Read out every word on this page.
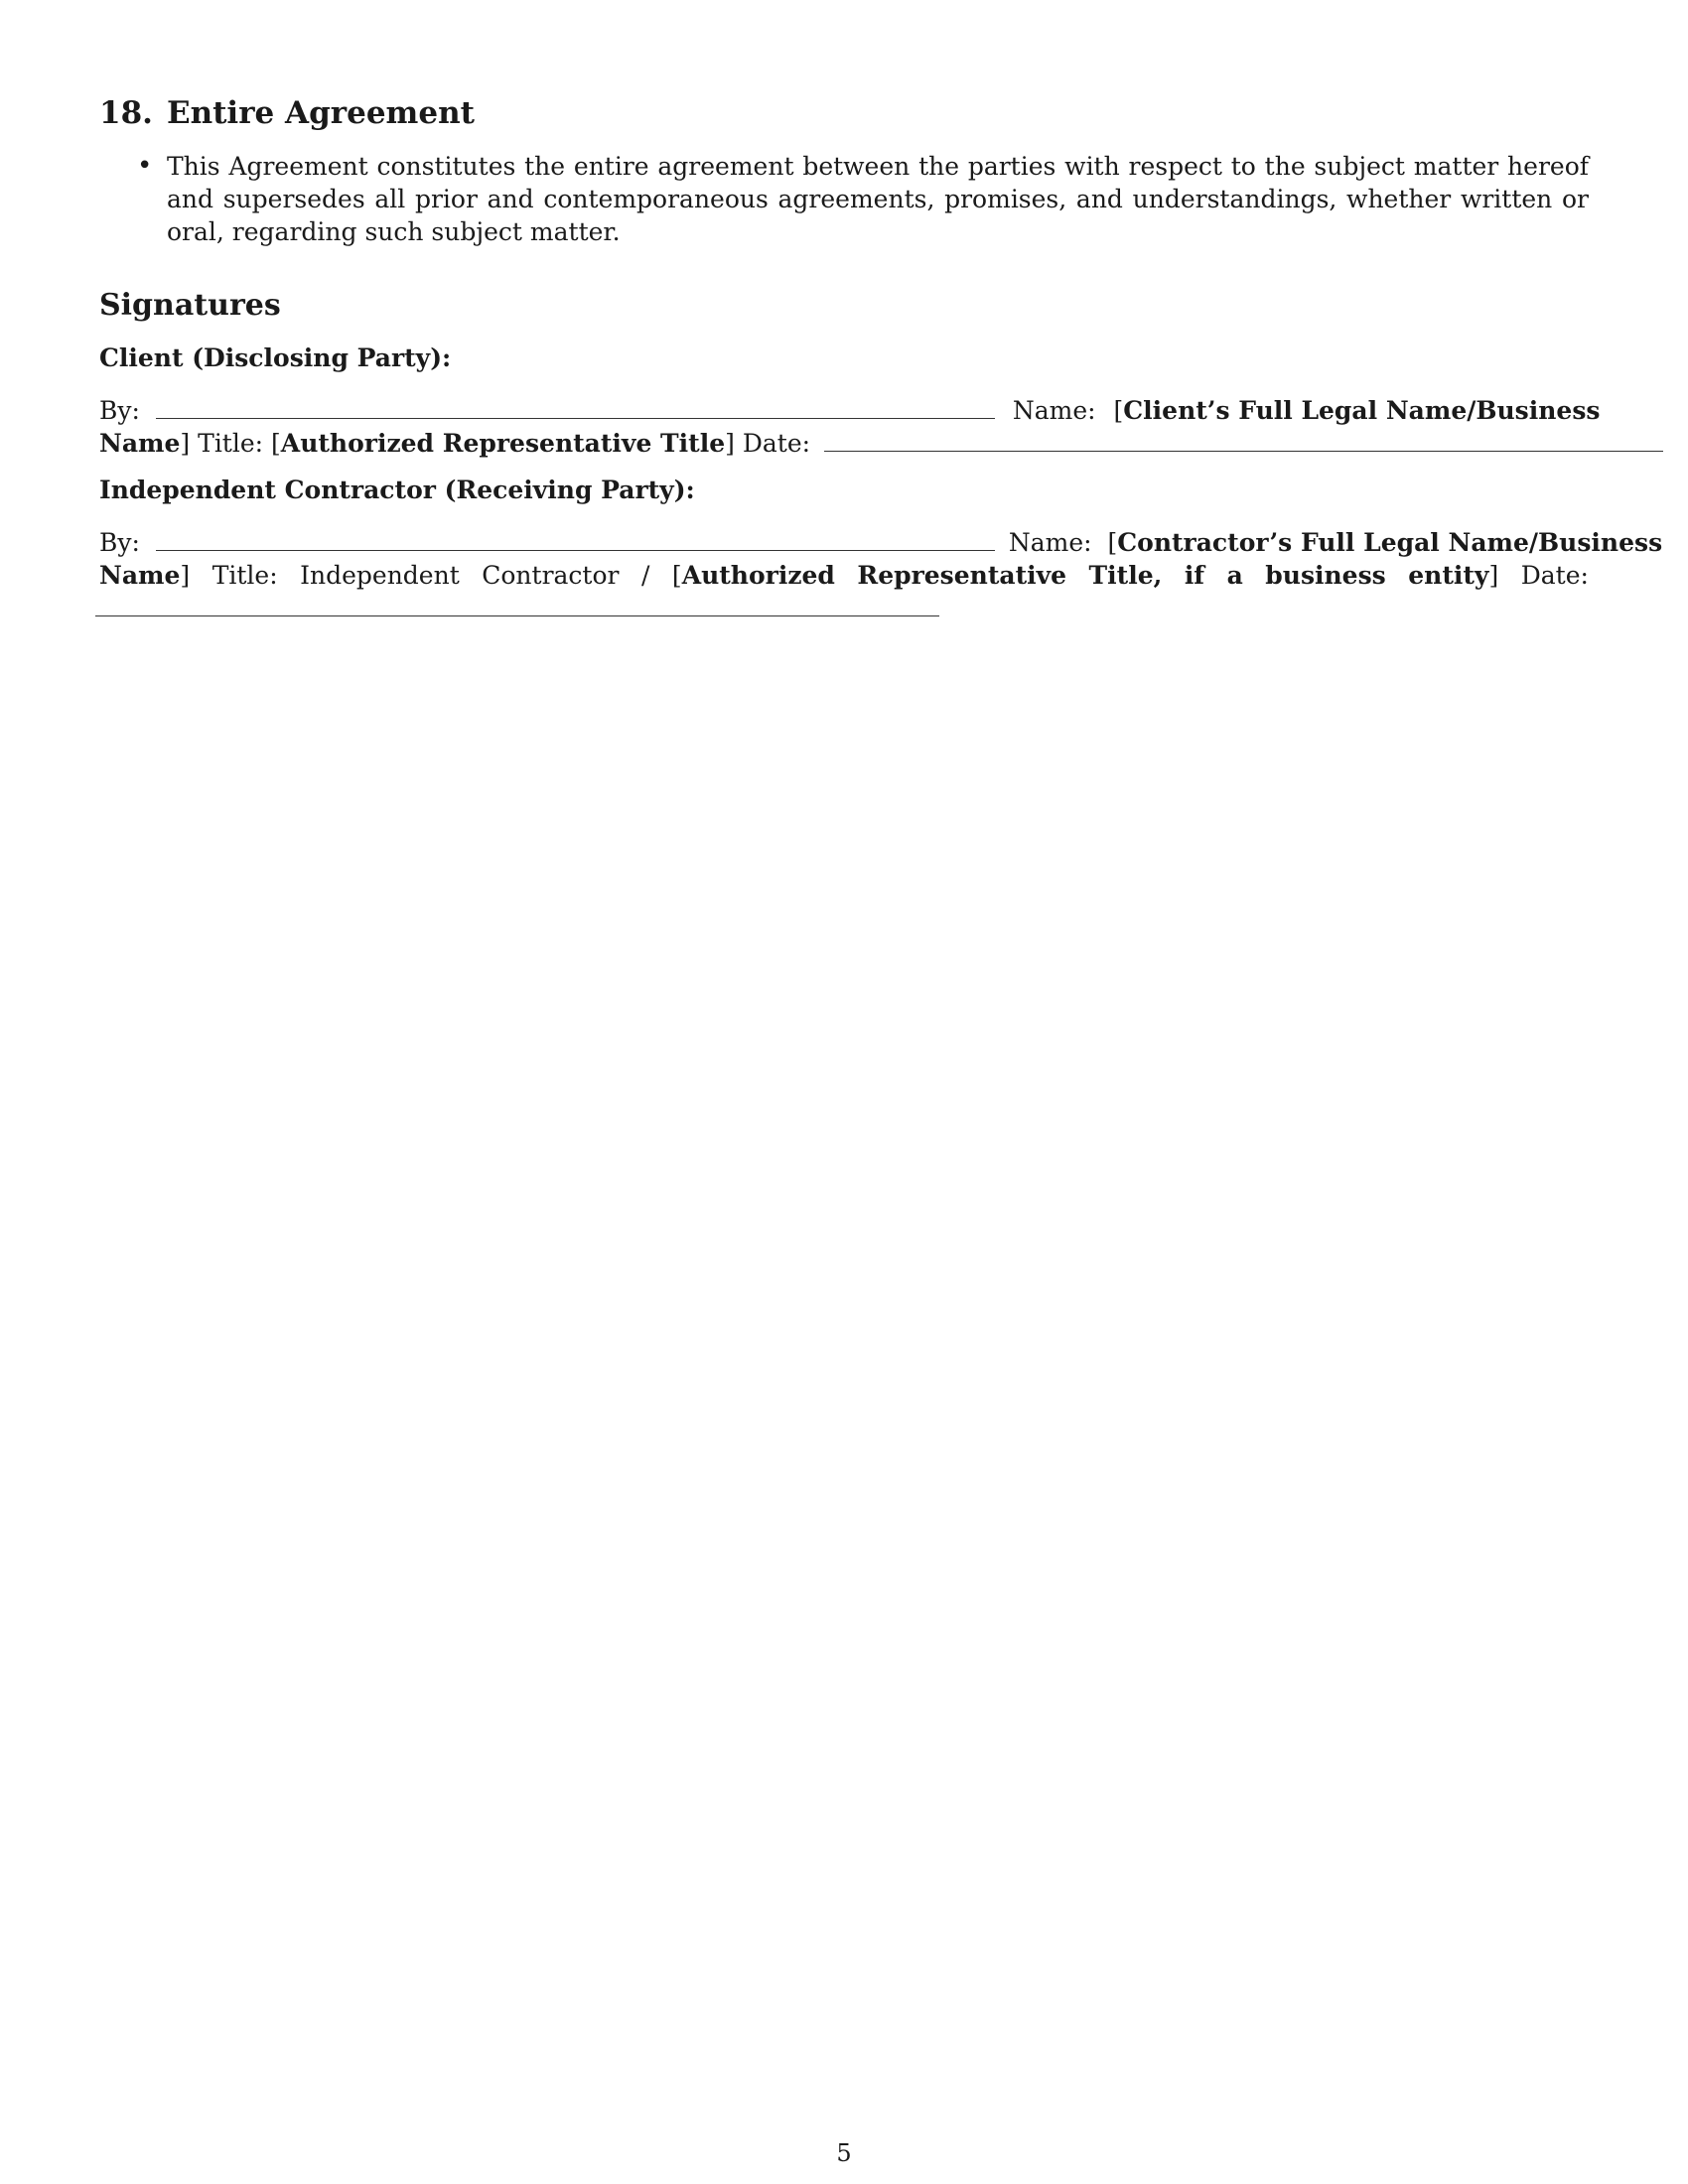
18. Entire Agreement
• This Agreement constitutes the entire agreement between the parties with respect to the subject matter hereof and supersedes all prior and contemporaneous agreements, promises, and understandings, whether written or oral, regarding such subject matter.

Signatures

Client (Disclosing Party):

By:	Name: [Client’s Full Legal Name/Business
Name] Title: [Authorized Representative Title] Date:

Independent Contractor (Receiving Party):

By:	Name: [Contractor’s Full Legal Name/Business
Name] Title: Independent Contractor / [Authorized Representative Title, if a business entity] Date:
5
